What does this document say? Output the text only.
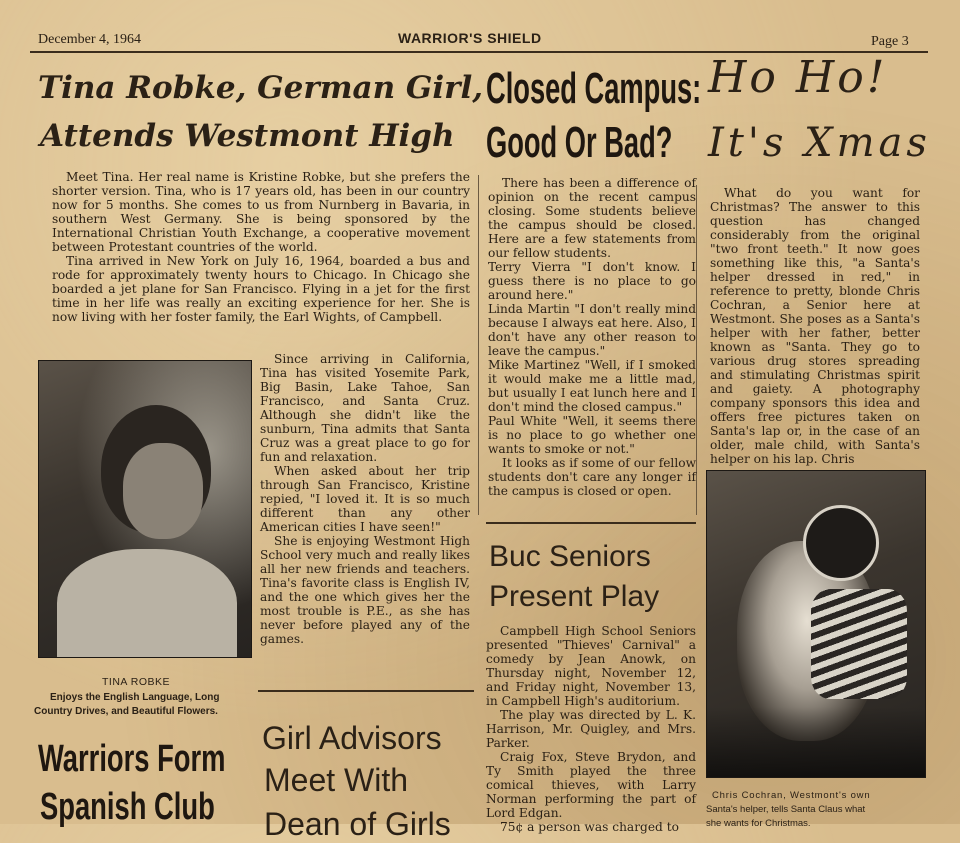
December 4, 1964	WARRIOR'S SHIELD	Page 3
Tina Robke, German Girl,
Attends Westmont High

Meet Tina. Her real name is Kristine Robke, but she prefers the shorter version. Tina, who is 17 years old, has been in our country now for 5 months. She comes to us from Nurnberg in Bavaria, in southern West Germany. She is being sponsored by the International Christian Youth Exchange, a cooperative movement between Protestant countries of the world.

Tina arrived in New York on July 16, 1964, boarded a bus and rode for approximately twenty hours to Chicago. In Chicago she boarded a jet plane for San Francisco. Flying in a jet for the first time in her life was really an exciting experience for her. She is now living with her foster family, the Earl Wights, of Campbell.

TINA ROBKE
Enjoys the English Language, Long
Country Drives, and Beautiful Flowers.

Since arriving in California, Tina has visited Yosemite Park, Big Basin, Lake Tahoe, San Francisco, and Santa Cruz. Although she didn't like the sunburn, Tina admits that Santa Cruz was a great place to go for fun and relaxation.

When asked about her trip through San Francisco, Kristine repied, "I loved it. It is so much different than any other American cities I have seen!"

She is enjoying Westmont High School very much and really likes all her new friends and teachers. Tina's favorite class is English IV, and the one which gives her the most trouble is P.E., as she has never before played any of the games.

Warriors Form
Spanish Club
Girl Advisors
Meet With
Dean of Girls
Closed Campus:
Good Or Bad?

There has been a difference of opinion on the recent campus closing. Some students believe the campus should be closed. Here are a few statements from our fellow students.

Terry Vierra "I don't know. I guess there is no place to go around here."

Linda Martin "I don't really mind because I always eat here. Also, I don't have any other reason to leave the campus."

Mike Martinez "Well, if I smoked it would make me a little mad, but usually I eat lunch here and I don't mind the closed campus."

Paul White "Well, it seems there is no place to go whether one wants to smoke or not."

It looks as if some of our fellow students don't care any longer if the campus is closed or open.

Buc Seniors
Present Play

Campbell High School Seniors presented "Thieves' Carnival" a comedy by Jean Anowk, on Thursday night, November 12, and Friday night, November 13, in Campbell High's auditorium.

The play was directed by L. K. Harrison, Mr. Quigley, and Mrs. Parker.

Craig Fox, Steve Brydon, and Ty Smith played the three comical thieves, with Larry Norman performing the part of Lord Edgan.

75¢ a person was charged to

Ho Ho!
It's Xmas

What do you want for Christmas? The answer to this question has changed considerably from the original "two front teeth." It now goes something like this, "a Santa's helper dressed in red," in reference to pretty, blonde Chris Cochran, a Senior here at Westmont. She poses as a Santa's helper with her father, better known as "Santa. They go to various drug stores spreading and stimulating Christmas spirit and gaiety. A photography company sponsors this idea and offers free pictures taken on Santa's lap or, in the case of an older, male child, with Santa's helper on his lap. Chris

Chris Cochran, Westmont's own
Santa's helper, tells Santa Claus what
she wants for Christmas.
